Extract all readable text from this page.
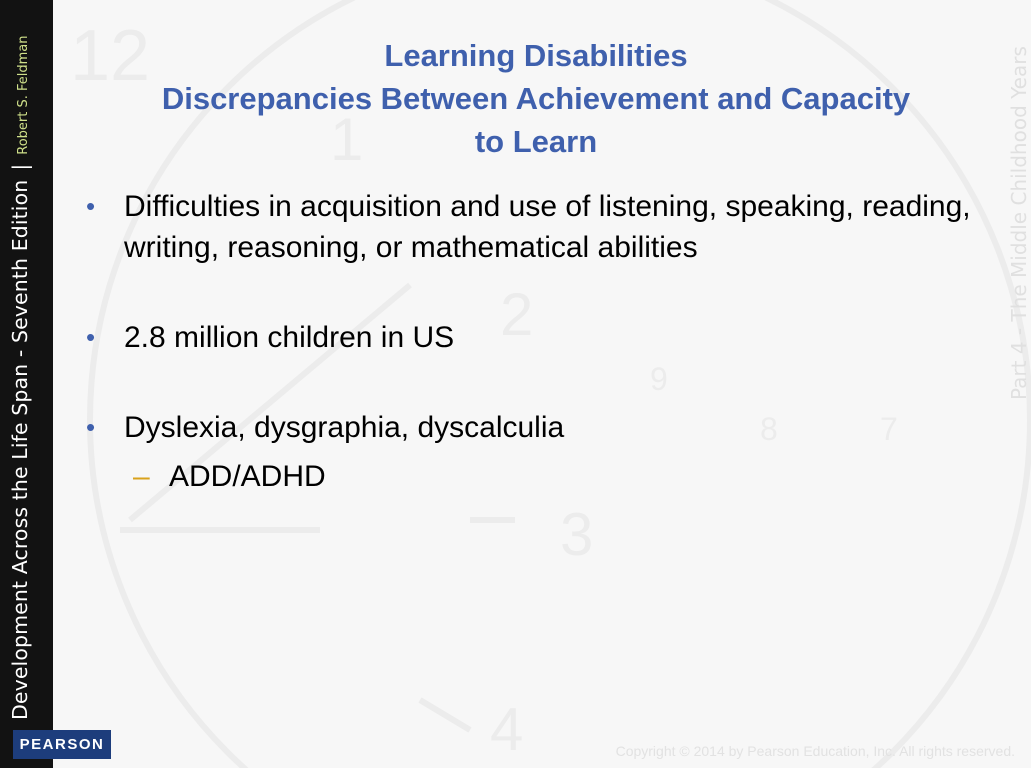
12
1
2
3
4
9
8	7
Development Across the Life Span - Seventh Edition|Robert S. Feldman
PEARSON
Part 4 - The Middle Childhood Years
Learning Disabilities
Discrepancies Between Achievement and Capacity
to Learn
• Difficulties in acquisition and use of listening, speaking, reading, writing, reasoning, or mathematical abilities
• 2.8 million children in US
• Dyslexia, dysgraphia, dyscalculia
– ADD/ADHD
Copyright © 2014 by Pearson Education, Inc. All rights reserved.
